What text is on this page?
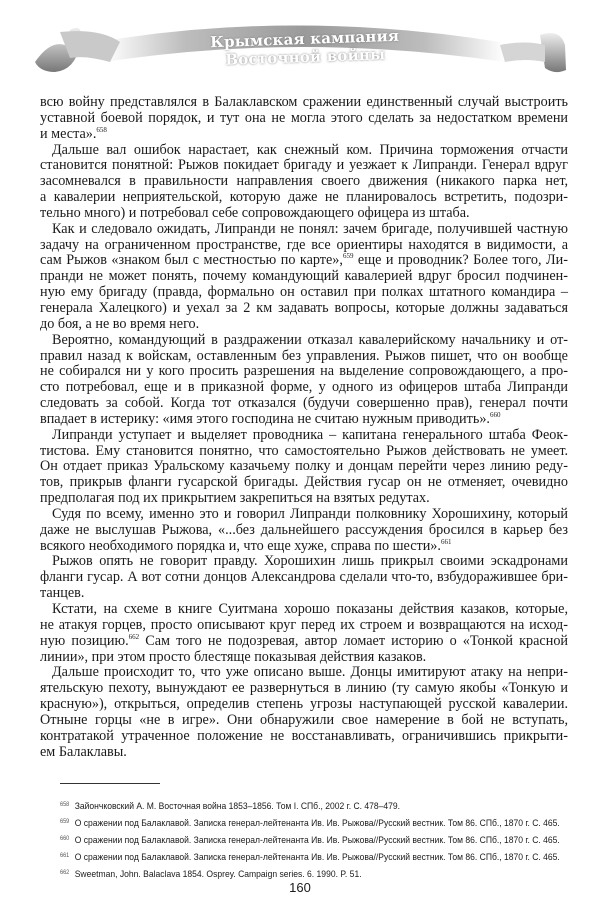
Крымская кампания Восточной войны
всю войну представлялся в Балаклавском сражении единственный случай выстроить
уставной боевой порядок, и тут она не могла этого сделать за недостатком времени
и места».$^{658}$
Дальше вал ошибок нарастает, как снежный ком. Причина торможения отчасти
становится понятной: Рыжов покидает бригаду и уезжает к Липранди. Генерал вдруг
засомневался в правильности направления своего движения (никакого парка нет,
а кавалерии неприятельской, которую даже не планировалось встретить, подозри-
тельно много) и потребовал себе сопровождающего офицера из штаба.
Как и следовало ожидать, Липранди не понял: зачем бригаде, получившей частную
задачу на ограниченном пространстве, где все ориентиры находятся в видимости, а
сам Рыжов «знаком был с местностью по карте»,$^{659}$ еще и проводник? Более того, Ли-
пранди не может понять, почему командующий кавалерией вдруг бросил подчинен-
ную ему бригаду (правда, формально он оставил при полках штатного командира –
генерала Халецкого) и уехал за 2 км задавать вопросы, которые должны задаваться
до боя, а не во время него.
Вероятно, командующий в раздражении отказал кавалерийскому начальнику и от-
правил назад к войскам, оставленным без управления. Рыжов пишет, что он вообще
не собирался ни у кого просить разрешения на выделение сопровождающего, а про-
сто потребовал, еще и в приказной форме, у одного из офицеров штаба Липранди
следовать за собой. Когда тот отказался (будучи совершенно прав), генерал почти
впадает в истерику: «имя этого господина не считаю нужным приводить».$^{660}$
Липранди уступает и выделяет проводника – капитана генерального штаба Феок-
тистова. Ему становится понятно, что самостоятельно Рыжов действовать не умеет.
Он отдает приказ Уральскому казачьему полку и донцам перейти через линию реду-
тов, прикрыв фланги гусарской бригады. Действия гусар он не отменяет, очевидно
предполагая под их прикрытием закрепиться на взятых редутах.
Судя по всему, именно это и говорил Липранди полковнику Хорошихину, который
даже не выслушав Рыжова, «...без дальнейшего рассуждения бросился в карьер без
всякого необходимого порядка и, что еще хуже, справа по шести».$^{661}$
Рыжов опять не говорит правду. Хорошихин лишь прикрыл своими эскадронами
фланги гусар. А вот сотни донцов Александрова сделали что-то, взбудоражившее бри-
танцев.
Кстати, на схеме в книге Суитмана хорошо показаны действия казаков, которые,
не атакуя горцев, просто описывают круг перед их строем и возвращаются на исход-
ную позицию.$^{662}$ Сам того не подозревая, автор ломает историю о «Тонкой красной
линии», при этом просто блестяще показывая действия казаков.
Дальше происходит то, что уже описано выше. Донцы имитируют атаку на непри-
ятельскую пехоту, вынуждают ее развернуться в линию (ту самую якобы «Тонкую и
красную»), открыться, определив степень угрозы наступающей русской кавалерии.
Отныне горцы «не в игре». Они обнаружили свое намерение в бой не вступать,
контратакой утраченное положение не восстанавливать, ограничившись прикрыти-
ем Балаклавы.
658 Зайончковский А. М. Восточная война 1853–1856. Том I. СПб., 2002 г. С. 478–479.
659 О сражении под Балаклавой. Записка генерал-лейтенанта Ив. Ив. Рыжова//Русский вестник. Том 86. СПб., 1870 г. С. 465.
660 О сражении под Балаклавой. Записка генерал-лейтенанта Ив. Ив. Рыжова//Русский вестник. Том 86. СПб., 1870 г. С. 465.
661 О сражении под Балаклавой. Записка генерал-лейтенанта Ив. Ив. Рыжова//Русский вестник. Том 86. СПб., 1870 г. С. 465.
662 Sweetman, John. Balaclava 1854. Osprey. Campaign series. 6. 1990. P. 51.
160
